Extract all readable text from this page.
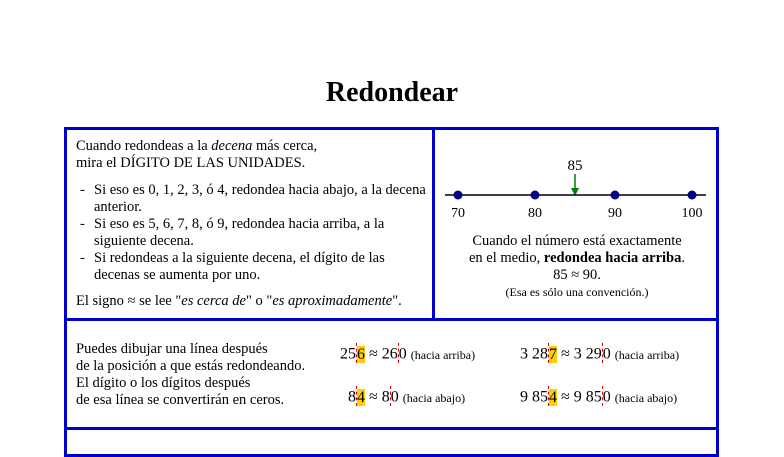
Redondear
Cuando redondeas a la decena más cerca,
mira el DÍGITO DE LAS UNIDADES.
- Si eso es 0, 1, 2, 3, ó 4, redondea hacia abajo, a la decena anterior.
- Si eso es 5, 6, 7, 8, ó 9, redondea hacia arriba, a la siguiente decena.
- Si redondeas a la siguiente decena, el dígito de las decenas se aumenta por uno.
El signo ≈ se lee "es cerca de" o "es aproximadamente".
85
70	80	90	100
Cuando el número está exactamente
en el medio, redondea hacia arriba.
85 ≈ 90.
(Esa es sólo una convención.)
Puedes dibujar una línea después
de la posición a que estás redondeando.
El dígito o los dígitos después
de esa línea se convertirán en ceros.
256 ≈ 260 (hacia arriba)
84 ≈ 80 (hacia abajo)
3 287 ≈ 3 290 (hacia arriba)
9 854 ≈ 9 850 (hacia abajo)
